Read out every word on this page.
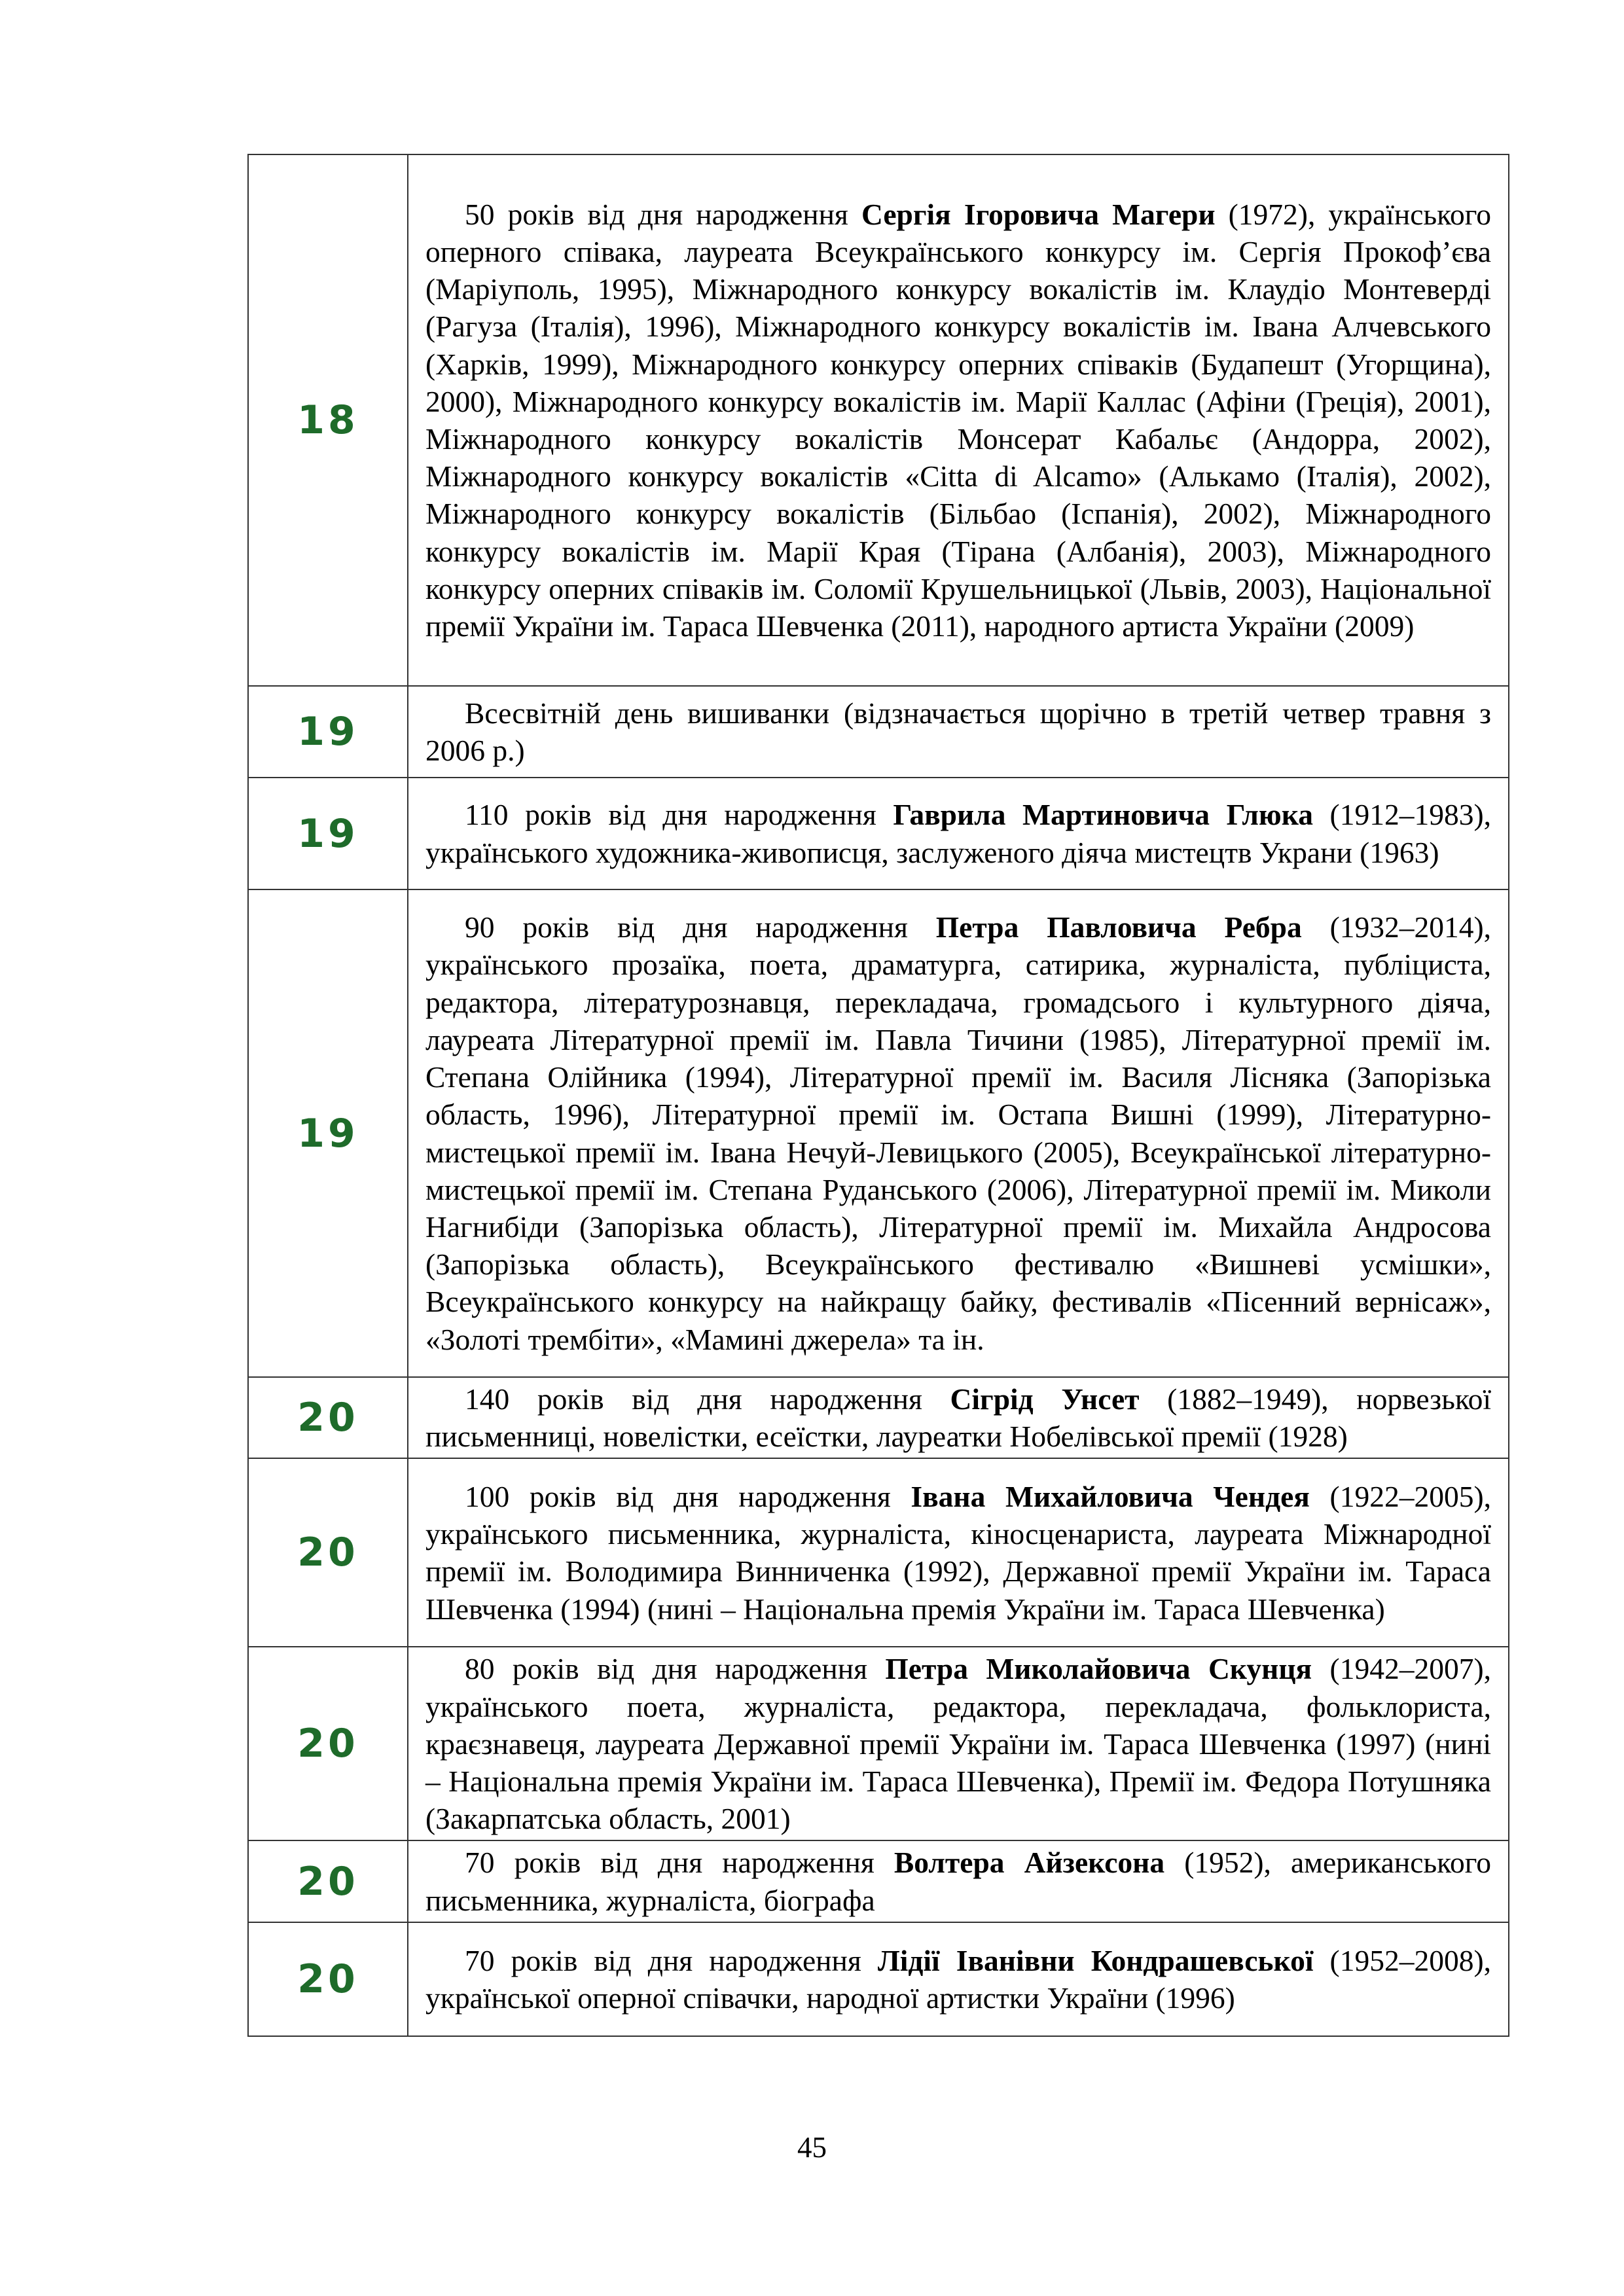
18	50 років від дня народження Сергія Ігоровича Магери (1972), українського оперного співака, лауреата Всеукраїнського конкурсу ім. Сергія Прокоф’єва (Маріуполь, 1995), Міжнародного конкурсу вокалістів ім. Клаудіо Монтеверді (Рагуза (Італія), 1996), Міжнародного конкурсу вокалістів ім. Івана Алчевського (Харків, 1999), Міжнародного конкурсу оперних співаків (Будапешт (Угорщина), 2000), Міжнародного конкурсу вокалістів ім. Марії Каллас (Афіни (Греція), 2001), Міжнародного конкурсу вокалістів Монсерат Кабальє (Андорра, 2002), Міжнародного конкурсу вокалістів «Citta di Alcamo» (Алькамо (Італія), 2002), Міжнародного конкурсу вокалістів (Більбао (Іспанія), 2002), Міжнародного конкурсу вокалістів ім. Марії Края (Тірана (Албанія), 2003), Міжнародного конкурсу оперних співаків ім. Соломії Крушельницької (Львів, 2003), Національної премії України ім. Тараса Шевченка (2011), народного артиста України (2009)
19	Всесвітній день вишиванки (відзначається щорічно в третій четвер травня з 2006 р.)
19	110 років від дня народження Гаврила Мартиновича Глюка (1912–1983), українського художника-живописця, заслуженого діяча мистецтв Украни (1963)
19	90 років від дня народження Петра Павловича Ребра (1932–2014), українського прозаїка, поета, драматурга, сатирика, журналіста, публіциста, редактора, літературознавця, перекладача, громадсього і культурного діяча, лауреата Літературної премії ім. Павла Тичини (1985), Літературної премії ім. Степана Олійника (1994), Літературної премії ім. Василя Лісняка (Запорізька область, 1996), Літературної премії ім. Остапа Вишні (1999), Літературно-мистецької премії ім. Івана Нечуй-Левицького (2005), Всеукраїнської літературно-мистецької премії ім. Степана Руданського (2006), Літературної премії ім. Миколи Нагнибіди (Запорізька область), Літературної премії ім. Михайла Андросова (Запорізька область), Всеукраїнського фестивалю «Вишневі усмішки», Всеукраїнського конкурсу на найкращу байку, фестивалів «Пісенний вернісаж», «Золоті трембіти», «Мамині джерела» та ін.
20	140 років від дня народження Сігрід Унсет (1882–1949), норвезької письменниці, новелістки, есеїстки, лауреатки Нобелівської премії (1928)
20	100 років від дня народження Івана Михайловича Чендея (1922–2005), українського письменника, журналіста, кіносценариста, лауреата Міжнародної премії ім. Володимира Винниченка (1992), Державної премії України ім. Тараса Шевченка (1994) (нині – Національна премія України ім. Тараса Шевченка)
20	80 років від дня народження Петра Миколайовича Скунця (1942–2007), українського поета, журналіста, редактора, перекладача, фольклориста, краєзнавеця, лауреата Державної премії України ім. Тараса Шевченка (1997) (нині – Національна премія України ім. Тараса Шевченка), Премії ім. Федора Потушняка (Закарпатська область, 2001)
20	70 років від дня народження Волтера Айзексона (1952), американського письменника, журналіста, біографа
20	70 років від дня народження Лідії Іванівни Кондрашевської (1952–2008), української оперної співачки, народної артистки України (1996)
45
